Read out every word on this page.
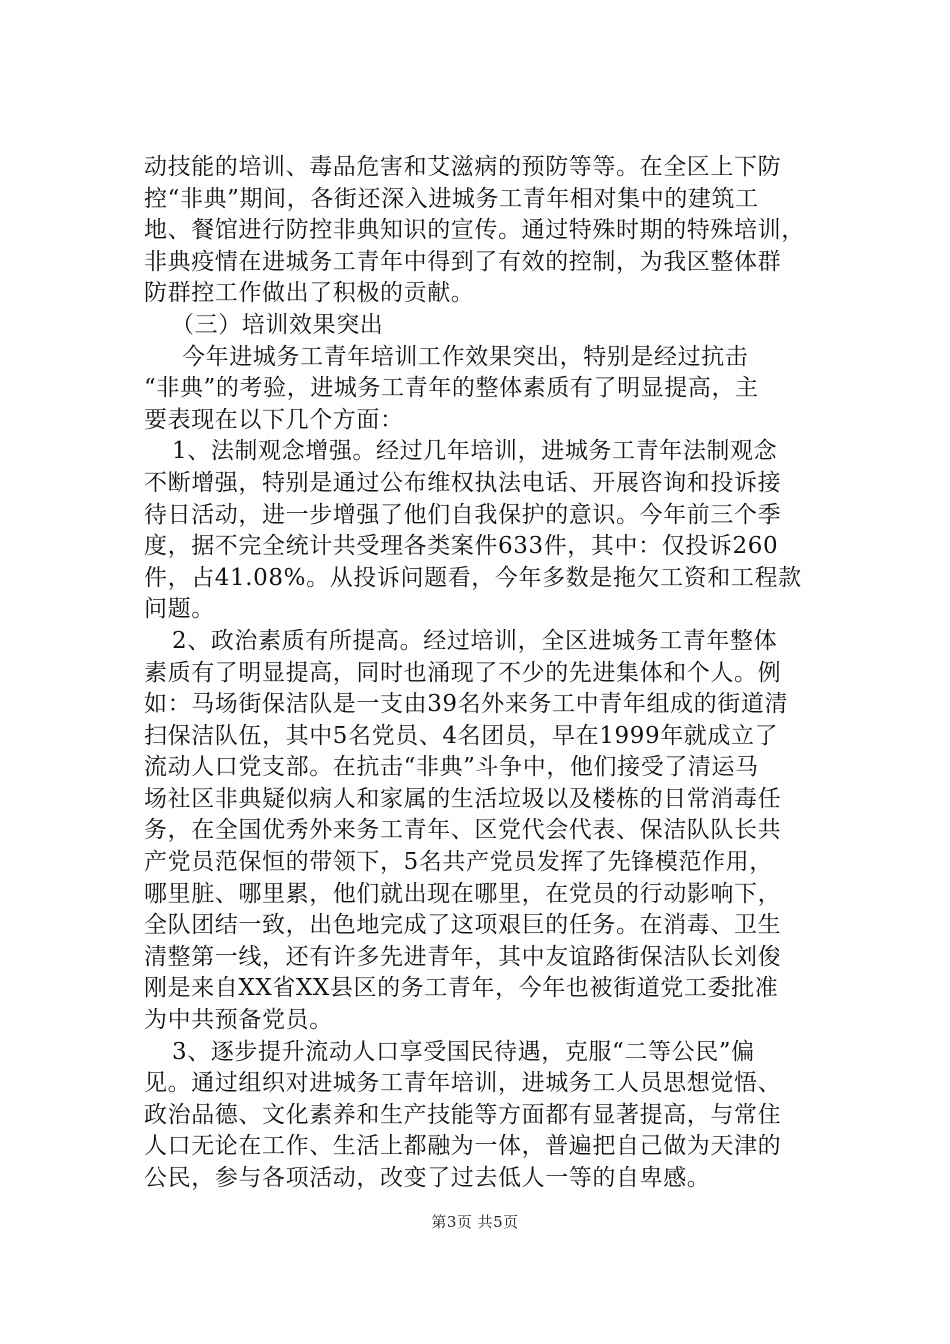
动技能的培训、毒品危害和艾滋病的预防等等。在全区上下防
控“非典”期间，各街还深入进城务工青年相对集中的建筑工
地、餐馆进行防控非典知识的宣传。通过特殊时期的特殊培训，
非典疫情在进城务工青年中得到了有效的控制，为我区整体群
防群控工作做出了积极的贡献。
（三）培训效果突出
今年进城务工青年培训工作效果突出，特别是经过抗击
“非典”的考验，进城务工青年的整体素质有了明显提高，主
要表现在以下几个方面：
1、法制观念增强。经过几年培训，进城务工青年法制观念
不断增强，特别是通过公布维权执法电话、开展咨询和投诉接
待日活动，进一步增强了他们自我保护的意识。今年前三个季
度，据不完全统计共受理各类案件633件，其中：仅投诉260
件，占41.08%。从投诉问题看，今年多数是拖欠工资和工程款
问题。
2、政治素质有所提高。经过培训，全区进城务工青年整体
素质有了明显提高，同时也涌现了不少的先进集体和个人。例
如：马场街保洁队是一支由39名外来务工中青年组成的街道清
扫保洁队伍，其中5名党员、4名团员，早在1999年就成立了
流动人口党支部。在抗击“非典”斗争中，他们接受了清运马
场社区非典疑似病人和家属的生活垃圾以及楼栋的日常消毒任
务，在全国优秀外来务工青年、区党代会代表、保洁队队长共
产党员范保恒的带领下，5名共产党员发挥了先锋模范作用，
哪里脏、哪里累，他们就出现在哪里，在党员的行动影响下，
全队团结一致，出色地完成了这项艰巨的任务。在消毒、卫生
清整第一线，还有许多先进青年，其中友谊路街保洁队长刘俊
刚是来自XX省XX县区的务工青年，今年也被街道党工委批准
为中共预备党员。
3、逐步提升流动人口享受国民待遇，克服“二等公民”偏
见。通过组织对进城务工青年培训，进城务工人员思想觉悟、
政治品德、文化素养和生产技能等方面都有显著提高，与常住
人口无论在工作、生活上都融为一体，普遍把自己做为天津的
公民，参与各项活动，改变了过去低人一等的自卑感。
第3页 共5页
